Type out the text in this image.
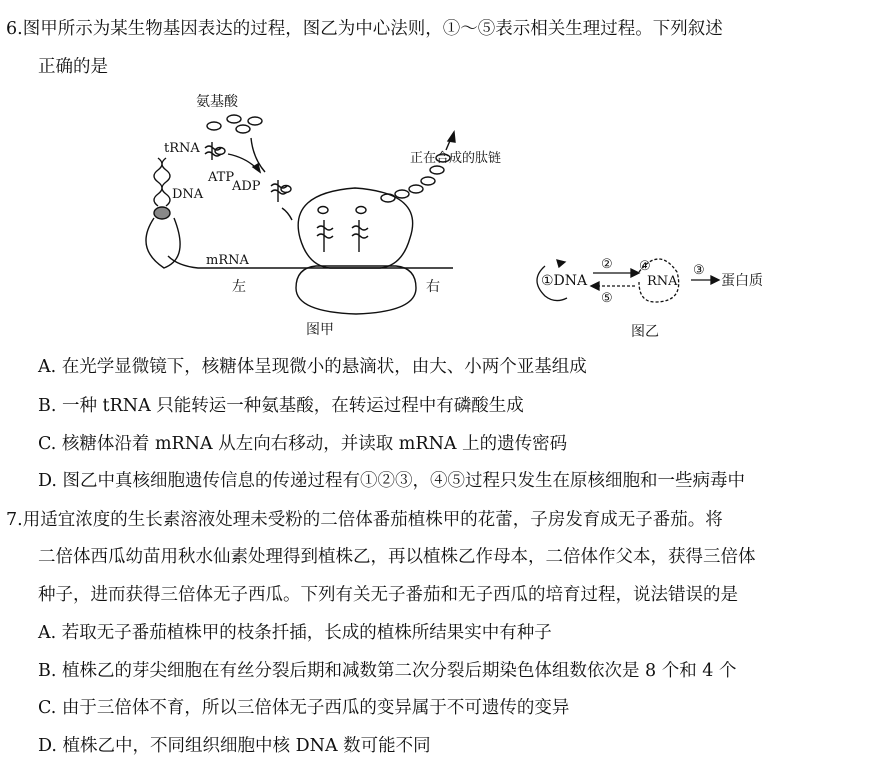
6.图甲所示为某生物基因表达的过程，图乙为中心法则，①～⑤表示相关生理过程。下列叙述
正确的是
氨基酸
tRNA
DNA
ATP
ADP
正在合成的肽链
mRNA
左	右
图甲
①DNA
②
⑤
④
RNA
③
蛋白质
图乙
A. 在光学显微镜下，核糖体呈现微小的悬滴状，由大、小两个亚基组成
B. 一种 tRNA 只能转运一种氨基酸，在转运过程中有磷酸生成
C. 核糖体沿着 mRNA 从左向右移动，并读取 mRNA 上的遗传密码
D. 图乙中真核细胞遗传信息的传递过程有①②③，④⑤过程只发生在原核细胞和一些病毒中
7.用适宜浓度的生长素溶液处理未受粉的二倍体番茄植株甲的花蕾，子房发育成无子番茄。将
二倍体西瓜幼苗用秋水仙素处理得到植株乙，再以植株乙作母本，二倍体作父本，获得三倍体
种子，进而获得三倍体无子西瓜。下列有关无子番茄和无子西瓜的培育过程，说法错误的是
A. 若取无子番茄植株甲的枝条扦插，长成的植株所结果实中有种子
B. 植株乙的芽尖细胞在有丝分裂后期和减数第二次分裂后期染色体组数依次是 8 个和 4 个
C. 由于三倍体不育，所以三倍体无子西瓜的变异属于不可遗传的变异
D. 植株乙中，不同组织细胞中核 DNA 数可能不同
